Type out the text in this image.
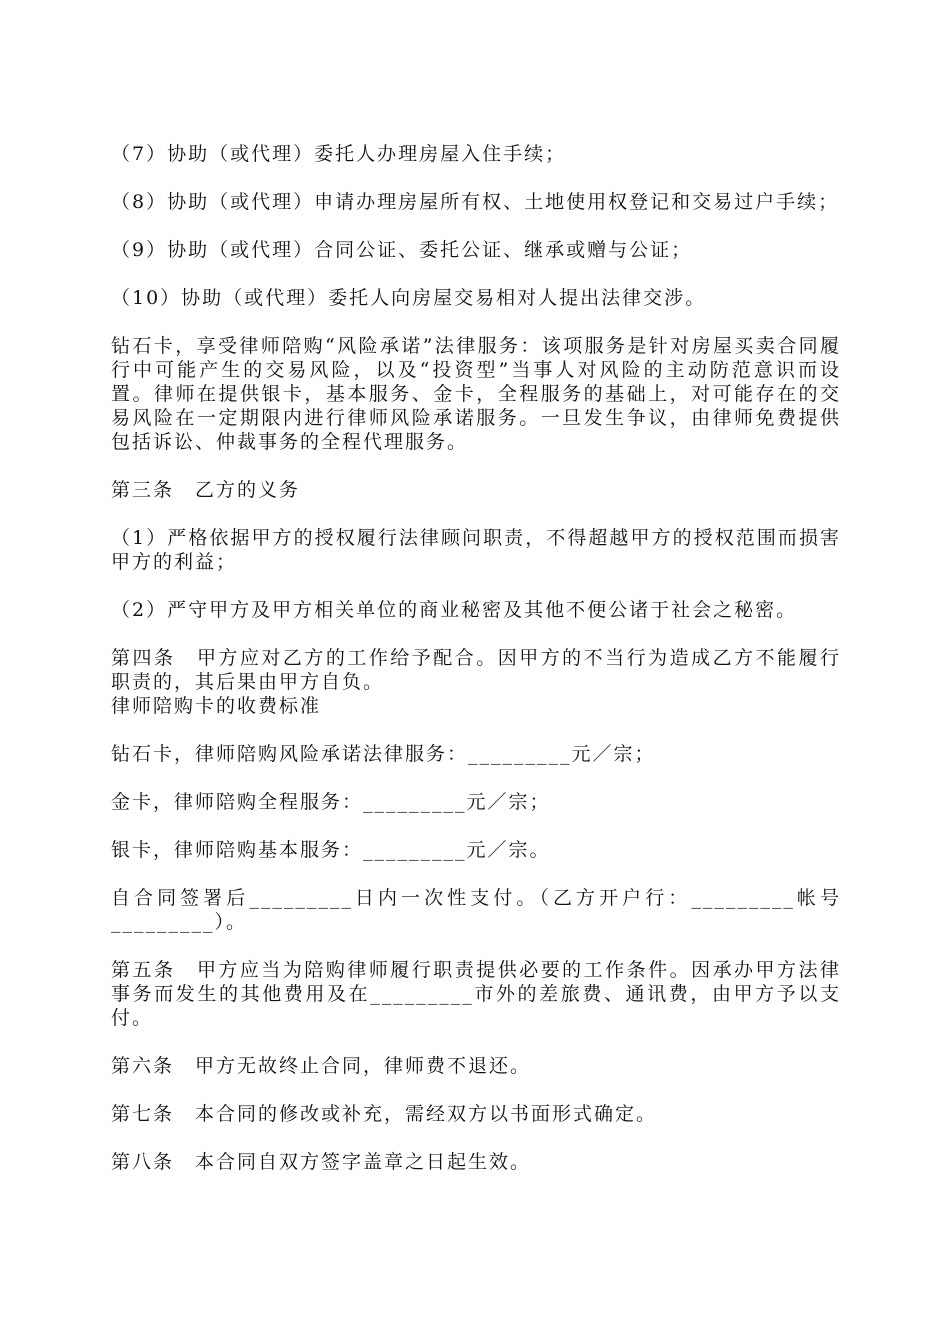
（7）协助（或代理）委托人办理房屋入住手续；

（8）协助（或代理）申请办理房屋所有权、土地使用权登记和交易过户手续；

（9）协助（或代理）合同公证、委托公证、继承或赠与公证；

（10）协助（或代理）委托人向房屋交易相对人提出法律交涉。

钻石卡，享受律师陪购“风险承诺”法律服务：该项服务是针对房屋买卖合同履行中可能产生的交易风险，以及“投资型”当事人对风险的主动防范意识而设置。律师在提供银卡，基本服务、金卡，全程服务的基础上，对可能存在的交易风险在一定期限内进行律师风险承诺服务。一旦发生争议，由律师免费提供包括诉讼、仲裁事务的全程代理服务。

第三条　乙方的义务

（1）严格依据甲方的授权履行法律顾问职责，不得超越甲方的授权范围而损害甲方的利益；

（2）严守甲方及甲方相关单位的商业秘密及其他不便公诸于社会之秘密。

第四条　甲方应对乙方的工作给予配合。因甲方的不当行为造成乙方不能履行职责的，其后果由甲方自负。

律师陪购卡的收费标准

钻石卡，律师陪购风险承诺法律服务：_________元／宗；

金卡，律师陪购全程服务：_________元／宗；

银卡，律师陪购基本服务：_________元／宗。

自合同签署后_________日内一次性支付。（乙方开户行：_________帐号_________）。

第五条　甲方应当为陪购律师履行职责提供必要的工作条件。因承办甲方法律事务而发生的其他费用及在_________市外的差旅费、通讯费，由甲方予以支付。

第六条　甲方无故终止合同，律师费不退还。

第七条　本合同的修改或补充，需经双方以书面形式确定。

第八条　本合同自双方签字盖章之日起生效。
